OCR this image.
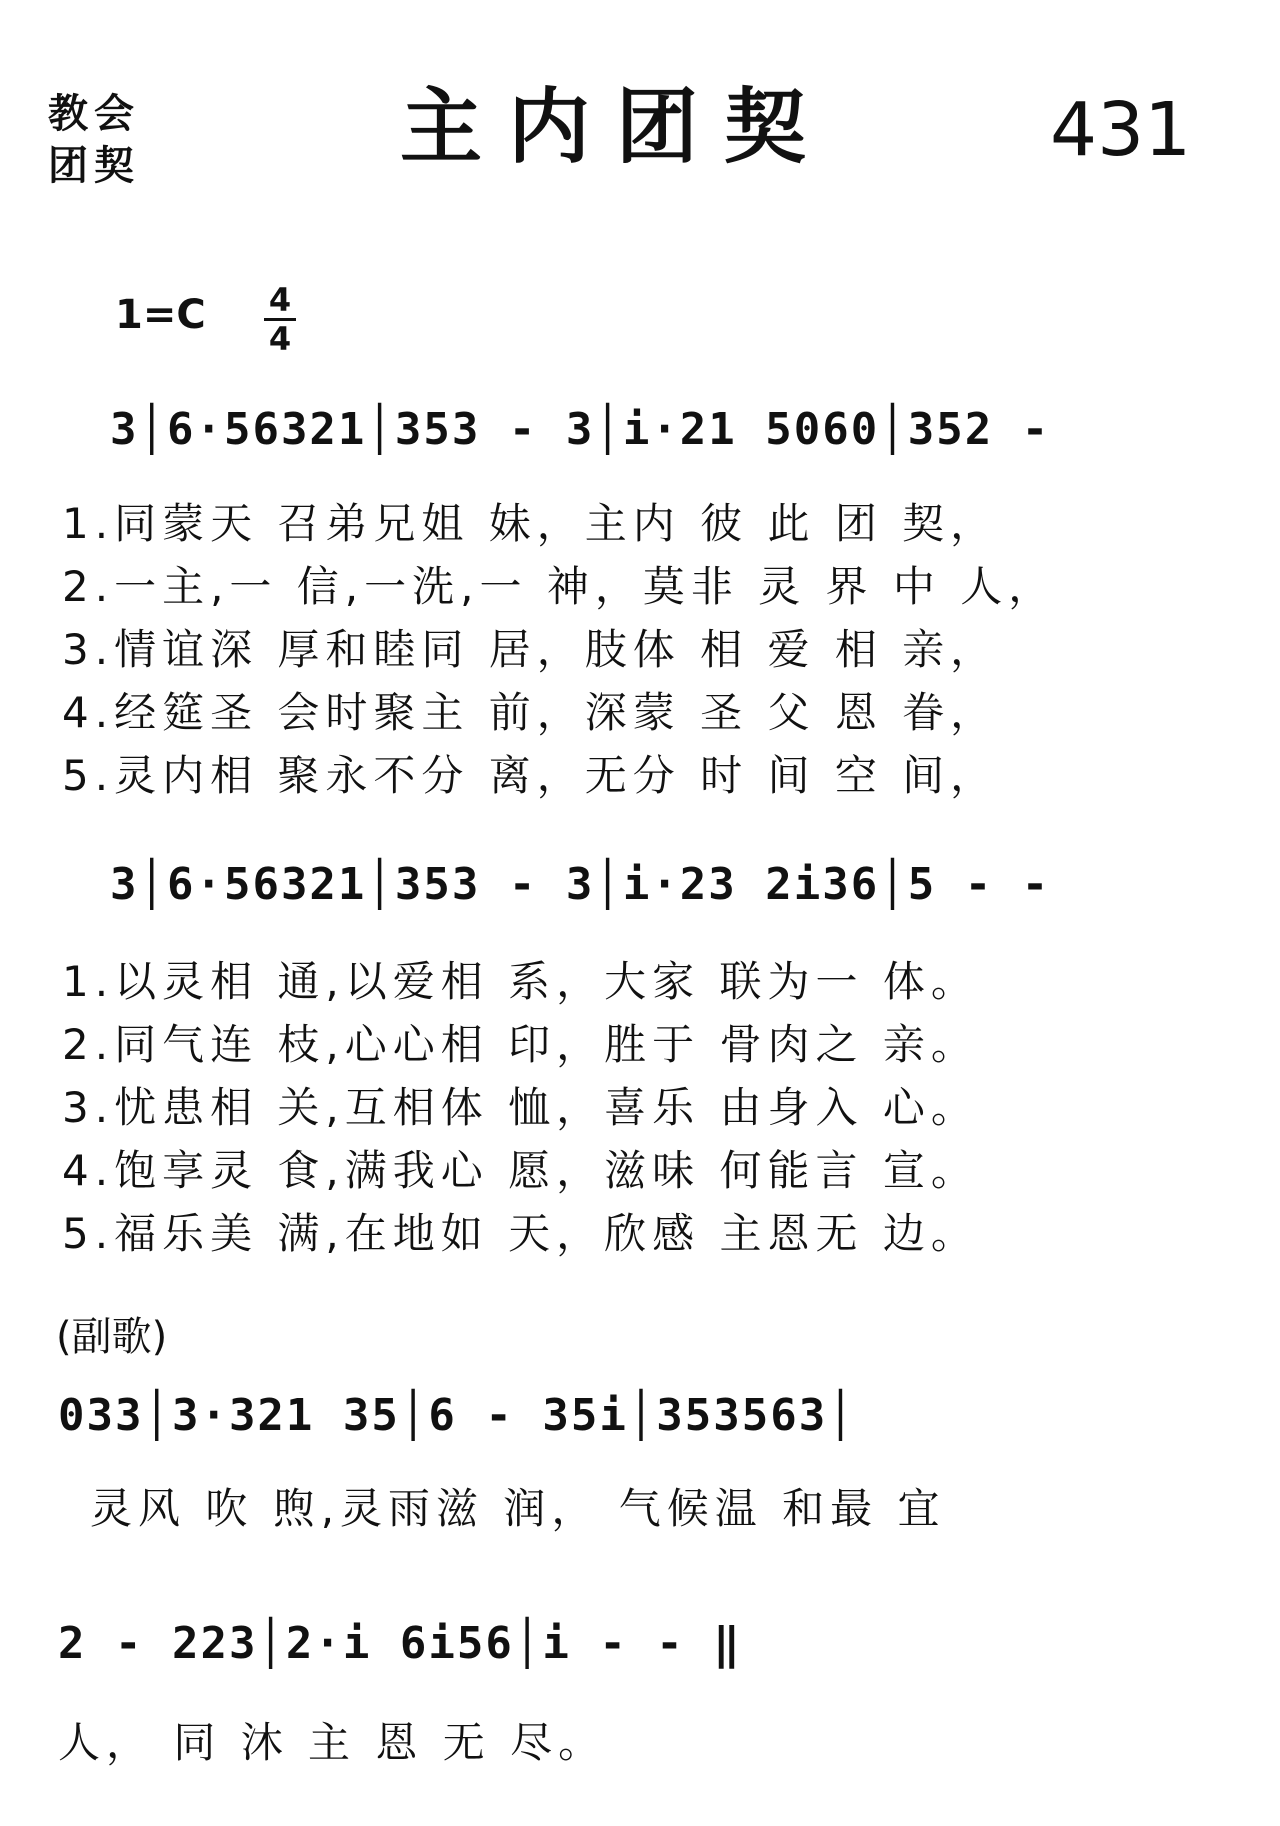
教会
团契	主内团契	431
1=C 4
4
3│6·56321│353 - 3│i·21 5060│352 -
1.同蒙天 召弟兄姐 妹，主内 彼 此 团 契，
2.一主,一 信,一洗,一 神，莫非 灵 界 中 人，
3.情谊深 厚和睦同 居，肢体 相 爱 相 亲，
4.经筵圣 会时聚主 前，深蒙 圣 父 恩 眷，
5.灵内相 聚永不分 离，无分 时 间 空 间，
3│6·56321│353 - 3│i·23 2i36│5 - -
1.以灵相 通,以爱相 系，大家 联为一 体。
2.同气连 枝,心心相 印，胜于 骨肉之 亲。
3.忧患相 关,互相体 恤，喜乐 由身入 心。
4.饱享灵 食,满我心 愿，滋味 何能言 宣。
5.福乐美 满,在地如 天，欣感 主恩无 边。
(副歌)
033│3·321 35│6 - 35i│353563│
灵风 吹 煦,灵雨滋 润， 气候温 和最 宜
2 - 223│2·i 6i56│i - - ‖
人， 同 沐 主 恩 无 尽。
